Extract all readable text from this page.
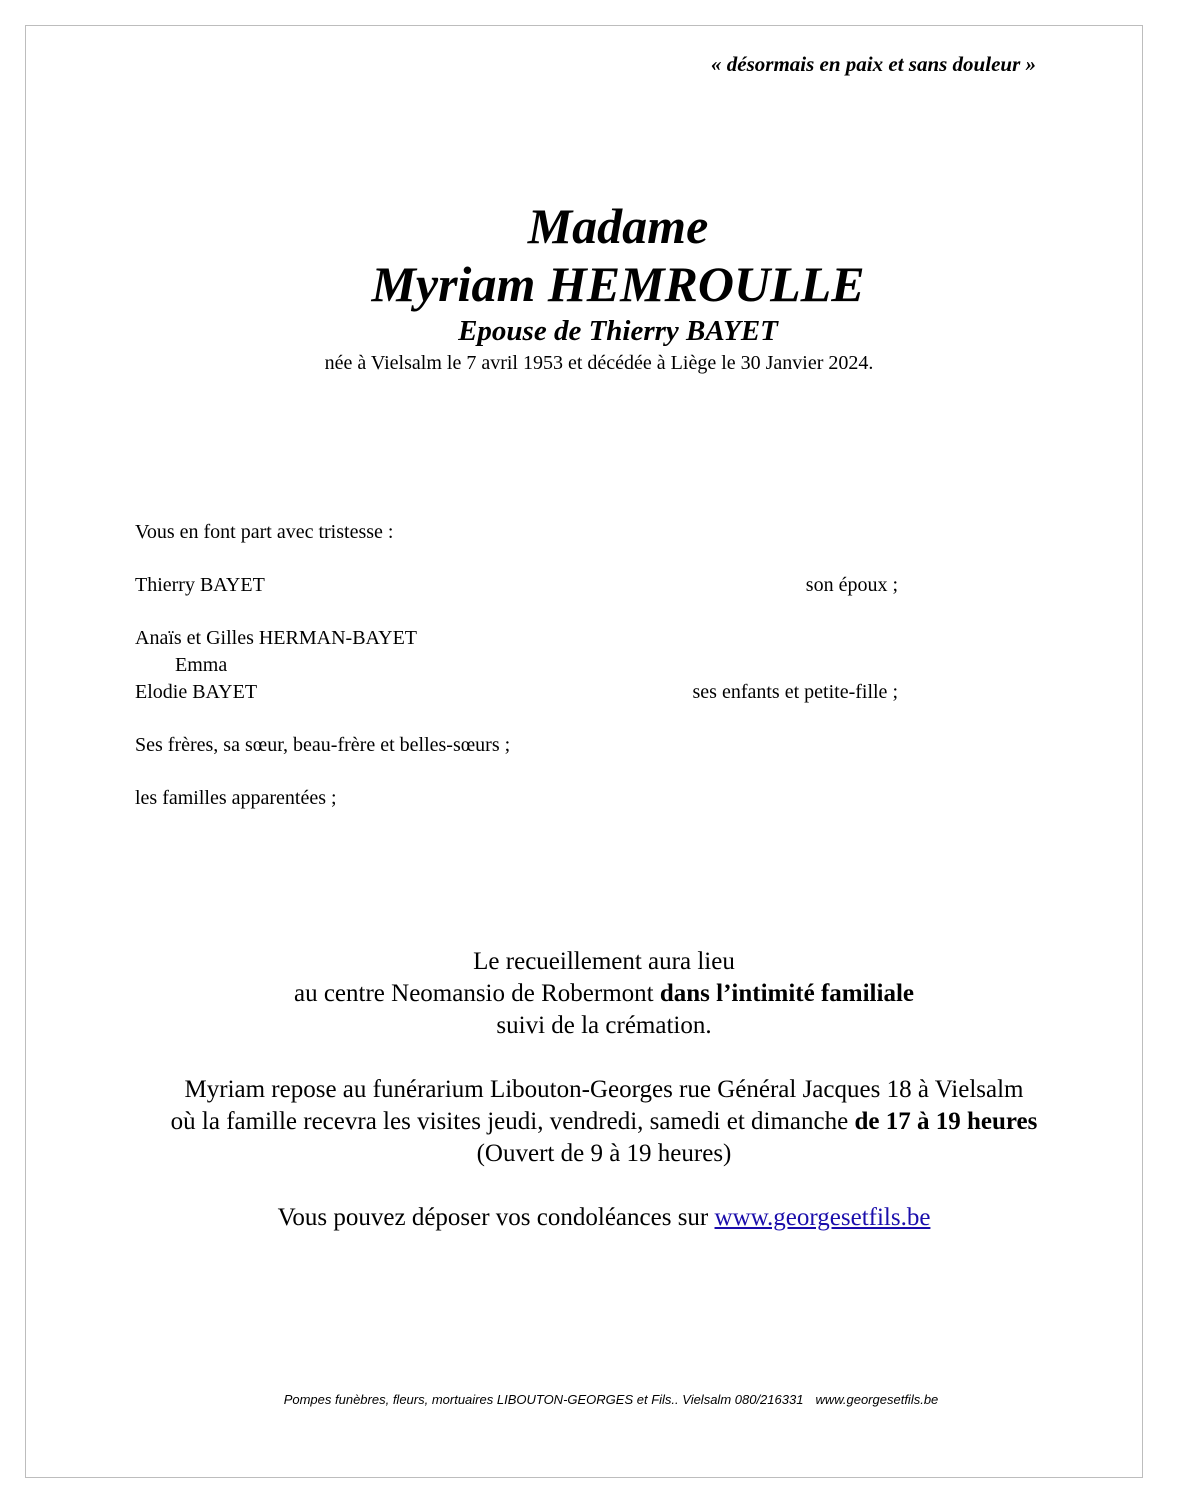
« désormais en paix et sans douleur »
Madame
Myriam HEMROULLE
Epouse de Thierry BAYET
née à Vielsalm le 7 avril 1953 et décédée à Liège le 30 Janvier 2024.
Vous en font part avec tristesse :
Thierry BAYET	son époux ;
Anaïs et Gilles HERMAN-BAYET
Emma
Elodie BAYET	ses enfants et petite-fille ;
Ses frères, sa sœur, beau-frère et belles-sœurs ;
les familles apparentées ;

Le recueillement aura lieu

au centre Neomansio de Robermont dans l’intimité familiale

suivi de la crémation.

Myriam repose au funérarium Libouton-Georges rue Général Jacques 18 à Vielsalm

où la famille recevra les visites jeudi, vendredi, samedi et dimanche de 17 à 19 heures

(Ouvert de 9 à 19 heures)

Vous pouvez déposer vos condoléances sur www.georgesetfils.be

Pompes funèbres, fleurs, mortuaires LIBOUTON-GEORGES et Fils.. Vielsalm 080/216331 www.georgesetfils.be
